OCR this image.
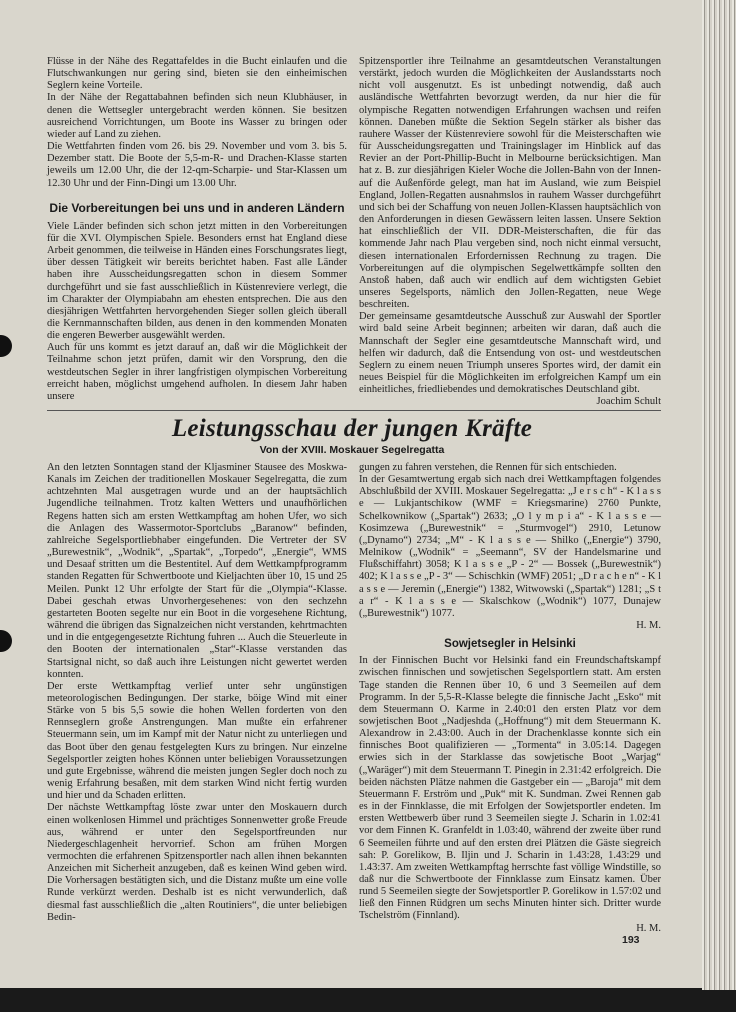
Flüsse in der Nähe des Regattafeldes in die Bucht einlaufen und die Flutschwankungen nur gering sind, bieten sie den einheimischen Seglern keine Vorteile.

In der Nähe der Regattabahnen befinden sich neun Klubhäuser, in denen die Wettsegler untergebracht werden können. Sie besitzen ausreichend Vorrichtungen, um Boote ins Wasser zu bringen oder wieder auf Land zu ziehen.

Die Wettfahrten finden vom 26. bis 29. November und vom 3. bis 5. Dezember statt. Die Boote der 5,5-m-R- und Drachen-Klasse starten jeweils um 12.00 Uhr, die der 12-qm-Scharpie- und Star-Klassen um 12.30 Uhr und der Finn-Dingi um 13.00 Uhr.

Die Vorbereitungen bei uns und in anderen Ländern

Viele Länder befinden sich schon jetzt mitten in den Vorbereitungen für die XVI. Olympischen Spiele. Besonders ernst hat England diese Arbeit genommen, die teilweise in Händen eines Forschungsrates liegt, über dessen Tätigkeit wir bereits berichtet haben. Fast alle Länder haben ihre Ausscheidungsregatten schon in diesem Sommer durchgeführt und sie fast ausschließlich in Küstenreviere verlegt, die im Charakter der Olympiabahn am ehesten entsprechen. Die aus den diesjährigen Wettfahrten hervorgehenden Sieger sollen gleich überall die Kernmannschaften bilden, aus denen in den kommenden Monaten die engeren Bewerber ausgewählt werden.

Auch für uns kommt es jetzt darauf an, daß wir die Möglichkeit der Teilnahme schon jetzt prüfen, damit wir den Vorsprung, den die westdeutschen Segler in ihrer langfristigen olympischen Vorbereitung erreicht haben, möglichst umgehend aufholen. In diesem Jahr haben unsere

Spitzensportler ihre Teilnahme an gesamtdeutschen Veranstaltungen verstärkt, jedoch wurden die Möglichkeiten der Auslandsstarts noch nicht voll ausgenutzt. Es ist unbedingt notwendig, daß auch ausländische Wettfahrten bevorzugt werden, da nur hier die für olympische Regatten notwendigen Erfahrungen wachsen und reifen können. Daneben müßte die Sektion Segeln stärker als bisher das rauhere Wasser der Küstenreviere sowohl für die Meisterschaften wie für Ausscheidungsregatten und Trainingslager im Hinblick auf das Revier an der Port-Phillip-Bucht in Melbourne berücksichtigen. Man hat z. B. zur diesjährigen Kieler Woche die Jollen-Bahn von der Innen- auf die Außenförde gelegt, man hat im Ausland, wie zum Beispiel England, Jollen-Regatten ausnahmslos in rauhem Wasser durchgeführt und sich bei der Schaffung von neuen Jollen-Klassen hauptsächlich von den Anforderungen in diesen Gewässern leiten lassen. Unsere Sektion hat einschließlich der VII. DDR-Meisterschaften, die für das kommende Jahr nach Plau vergeben sind, noch nicht einmal versucht, diesen internationalen Erfordernissen Rechnung zu tragen. Die Vorbereitungen auf die olympischen Segelwettkämpfe sollten den Anstoß haben, daß auch wir endlich auf dem wichtigsten Gebiet unseres Segelsports, nämlich den Jollen-Regatten, neue Wege beschreiten.

Der gemeinsame gesamtdeutsche Ausschuß zur Auswahl der Sportler wird bald seine Arbeit beginnen; arbeiten wir daran, daß auch die Mannschaft der Segler eine gesamtdeutsche Mannschaft wird, und helfen wir dadurch, daß die Entsendung von ost- und westdeutschen Seglern zu einem neuen Triumph unseres Sportes wird, der damit ein neues Beispiel für die Möglichkeiten im erfolgreichen Kampf um ein einheitliches, friedliebendes und demokratisches Deutschland gibt.

Joachim Schult

Leistungsschau der jungen Kräfte
Von der XVIII. Moskauer Segelregatta

An den letzten Sonntagen stand der Kljasminer Stausee des Moskwa-Kanals im Zeichen der traditionellen Moskauer Segelregatta, die zum achtzehnten Mal ausgetragen wurde und an der hauptsächlich Jugendliche teilnahmen. Trotz kalten Wetters und unaufhörlichen Regens hatten sich am ersten Wettkampftag am hohen Ufer, wo sich die Anlagen des Wassermotor-Sportclubs „Baranow“ befinden, zahlreiche Segelsportliebhaber eingefunden. Die Vertreter der SV „Burewestnik“, „Wodnik“, „Spartak“, „Torpedo“, „Energie“, WMS und Desaaf stritten um die Bestentitel. Auf dem Wettkampfprogramm standen Regatten für Schwertboote und Kieljachten über 10, 15 und 25 Meilen. Punkt 12 Uhr erfolgte der Start für die „Olympia“-Klasse. Dabei geschah etwas Unvorhergesehenes: von den sechzehn gestarteten Booten segelte nur ein Boot in die vorgesehene Richtung, während die übrigen das Signalzeichen nicht verstanden, kehrtmachten und in die entgegengesetzte Richtung fuhren ... Auch die Steuerleute in den Booten der internationalen „Star“-Klasse verstanden das Startsignal nicht, so daß auch ihre Leistungen nicht gewertet werden konnten.

Der erste Wettkampftag verlief unter sehr ungünstigen meteorologischen Bedingungen. Der starke, böige Wind mit einer Stärke von 5 bis 5,5 sowie die hohen Wellen forderten von den Rennseglern große Anstrengungen. Man mußte ein erfahrener Steuermann sein, um im Kampf mit der Natur nicht zu unterliegen und das Boot über den genau festgelegten Kurs zu bringen. Nur einzelne Segelsportler zeigten hohes Können unter beliebigen Voraussetzungen und gute Ergebnisse, während die meisten jungen Segler doch noch zu wenig Erfahrung besaßen, mit dem starken Wind nicht fertig wurden und hier und da Schaden erlitten.

Der nächste Wettkampftag löste zwar unter den Moskauern durch einen wolkenlosen Himmel und prächtiges Sonnenwetter große Freude aus, während er unter den Segelsportfreunden nur Niedergeschlagenheit hervorrief. Schon am frühen Morgen vermochten die erfahrenen Spitzensportler nach allen ihnen bekannten Anzeichen mit Sicherheit anzugeben, daß es keinen Wind geben wird. Die Vorhersagen bestätigten sich, und die Distanz mußte um eine volle Runde verkürzt werden. Deshalb ist es nicht verwunderlich, daß diesmal fast ausschließlich die „alten Routiniers“, die unter beliebigen Bedin-

gungen zu fahren verstehen, die Rennen für sich entschieden.

In der Gesamtwertung ergab sich nach drei Wettkampftagen folgendes Abschlußbild der XVIII. Moskauer Segelregatta: „J e r s c h“ - K l a s s e — Lukjantschikow (WMF = Kriegsmarine) 2760 Punkte, Schelkownikow („Spartak“) 2633; „O l y m p i a“ - K l a s s e — Kosimzewa („Burewestnik“ = „Sturmvogel“) 2910, Letunow („Dynamo“) 2734; „M“ - K l a s s e — Shilko („Energie“) 3790, Melnikow („Wodnik“ = „Seemann“, SV der Handelsmarine und Flußschiffahrt) 3058; K l a s s e „P - 2“ — Bossek („Burewestnik“) 402; K l a s s e „P - 3“ — Schischkin (WMF) 2051; „D r a c h e n“ - K l a s s e — Jeremin („Energie“) 1382, Witwowski („Spartak“) 1281; „S t a r“ - K l a s s e — Skalschkow („Wodnik“) 1077, Dunajew („Burewestnik“) 1077.

H. M.

Sowjetsegler in Helsinki

In der Finnischen Bucht vor Helsinki fand ein Freundschaftskampf zwischen finnischen und sowjetischen Segelsportlern statt. Am ersten Tage standen die Rennen über 10, 6 und 3 Seemeilen auf dem Programm. In der 5,5-R-Klasse belegte die finnische Jacht „Esko“ mit dem Steuermann O. Karme in 2.40:01 den ersten Platz vor dem sowjetischen Boot „Nadjeshda („Hoffnung“) mit dem Steuermann K. Alexandrow in 2.43:00. Auch in der Drachenklasse konnte sich ein finnisches Boot qualifizieren — „Tormenta“ in 3.05:14. Dagegen erwies sich in der Starklasse das sowjetische Boot „Warjag“ („Waräger“) mit dem Steuermann T. Pinegin in 2.31:42 erfolgreich. Die beiden nächsten Plätze nahmen die Gastgeber ein — „Baroja“ mit dem Steuermann F. Erström und „Puk“ mit K. Sundman. Zwei Rennen gab es in der Finnklasse, die mit Erfolgen der Sowjetsportler endeten. Im ersten Wettbewerb über rund 3 Seemeilen siegte J. Scharin in 1.02:41 vor dem Finnen K. Granfeldt in 1.03:40, während der zweite über rund 6 Seemeilen führte und auf den ersten drei Plätzen die Gäste siegreich sah: P. Gorelikow, B. Iljin und J. Scharin in 1.43:28, 1.43:29 und 1.43:37. Am zweiten Wettkampftag herrschte fast völlige Windstille, so daß nur die Schwertboote der Finnklasse zum Einsatz kamen. Über rund 5 Seemeilen siegte der Sowjetsportler P. Gorelikow in 1.57:02 und ließ den Finnen Rüdgren um sechs Minuten hinter sich. Dritter wurde Tschelström (Finnland).

H. M.

193
